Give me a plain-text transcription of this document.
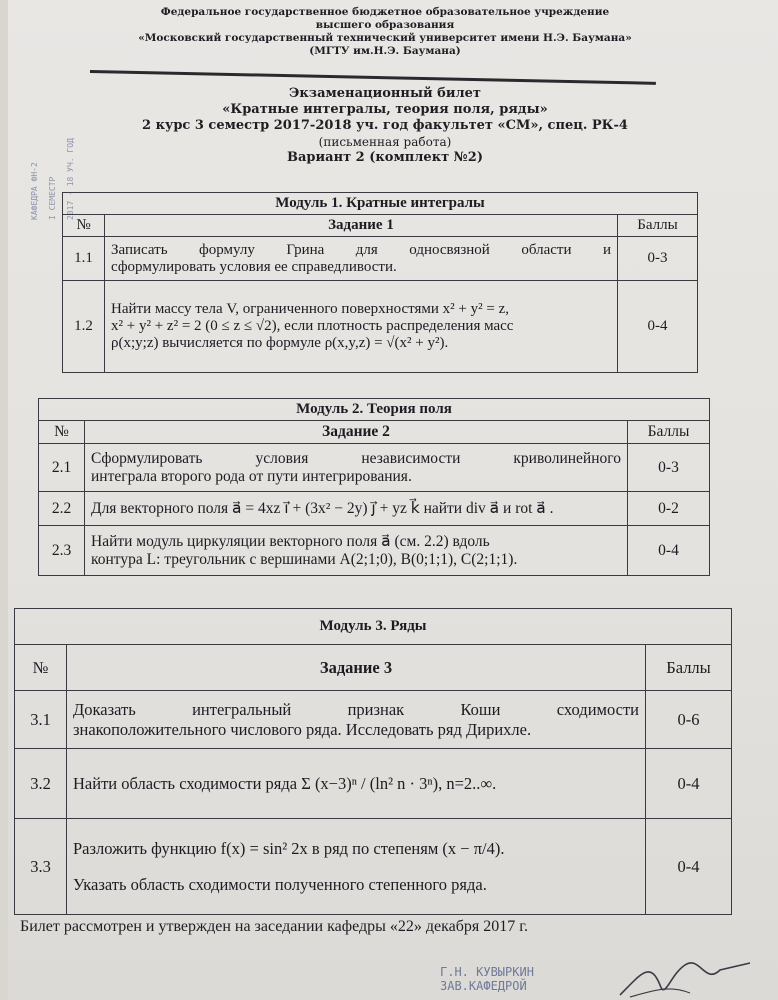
КАФЕДРА ФН-2 I СЕМЕСТР 2017 - 18 УЧ. ГОД
Федеральное государственное бюджетное образовательное учреждение
высшего образования
«Московский государственный технический университет имени Н.Э. Баумана»
(МГТУ им.Н.Э. Баумана)
Экзаменационный билет
«Кратные интегралы, теория поля, ряды»
2 курс 3 семестр 2017-2018 уч. год факультет «СМ», спец. РК-4
(письменная работа)
Вариант 2 (комплект №2)
Модуль 1. Кратные интегралы		
№	Задание 1	Баллы
1.1	Записать формулу Грина для односвязной области и
сформулировать условия ее справедливости.	0-3
1.2	Найти массу тела V, ограниченного поверхностями x² + y² = z,
x² + y² + z² = 2 (0 ≤ z ≤ √2), если плотность распределения масс
ρ(x;y;z) вычисляется по формуле ρ(x,y,z) = √(x² + y²).	0-4
Модуль 2. Теория поля		
№	Задание 2	Баллы
2.1	Сформулировать условия независимости криволинейного
интеграла второго рода от пути интегрирования.	0-3
2.2	Для векторного поля a⃗ = 4xz i⃗ + (3x² − 2y) j⃗ + yz k⃗ найти div a⃗ и rot a⃗ .	0-2
2.3	Найти модуль циркуляции векторного поля a⃗ (см. 2.2) вдоль
контура L: треугольник с вершинами A(2;1;0), B(0;1;1), C(2;1;1).	0-4
Модуль 3. Ряды		
№	Задание 3	Баллы
3.1	Доказать интегральный признак Коши сходимости
знакоположительного числового ряда. Исследовать ряд Дирихле.	0-6
3.2	Найти область сходимости ряда Σ (x−3)ⁿ / (ln² n · 3ⁿ), n=2..∞.	0-4
3.3	Разложить функцию f(x) = sin² 2x в ряд по степеням (x − π/4).
Указать область сходимости полученного степенного ряда.	0-4
Билет рассмотрен и утвержден на заседании кафедры «22» декабря 2017 г.
Г.Н. КУВЫРКИН
ЗАВ.КАФЕДРОЙ
